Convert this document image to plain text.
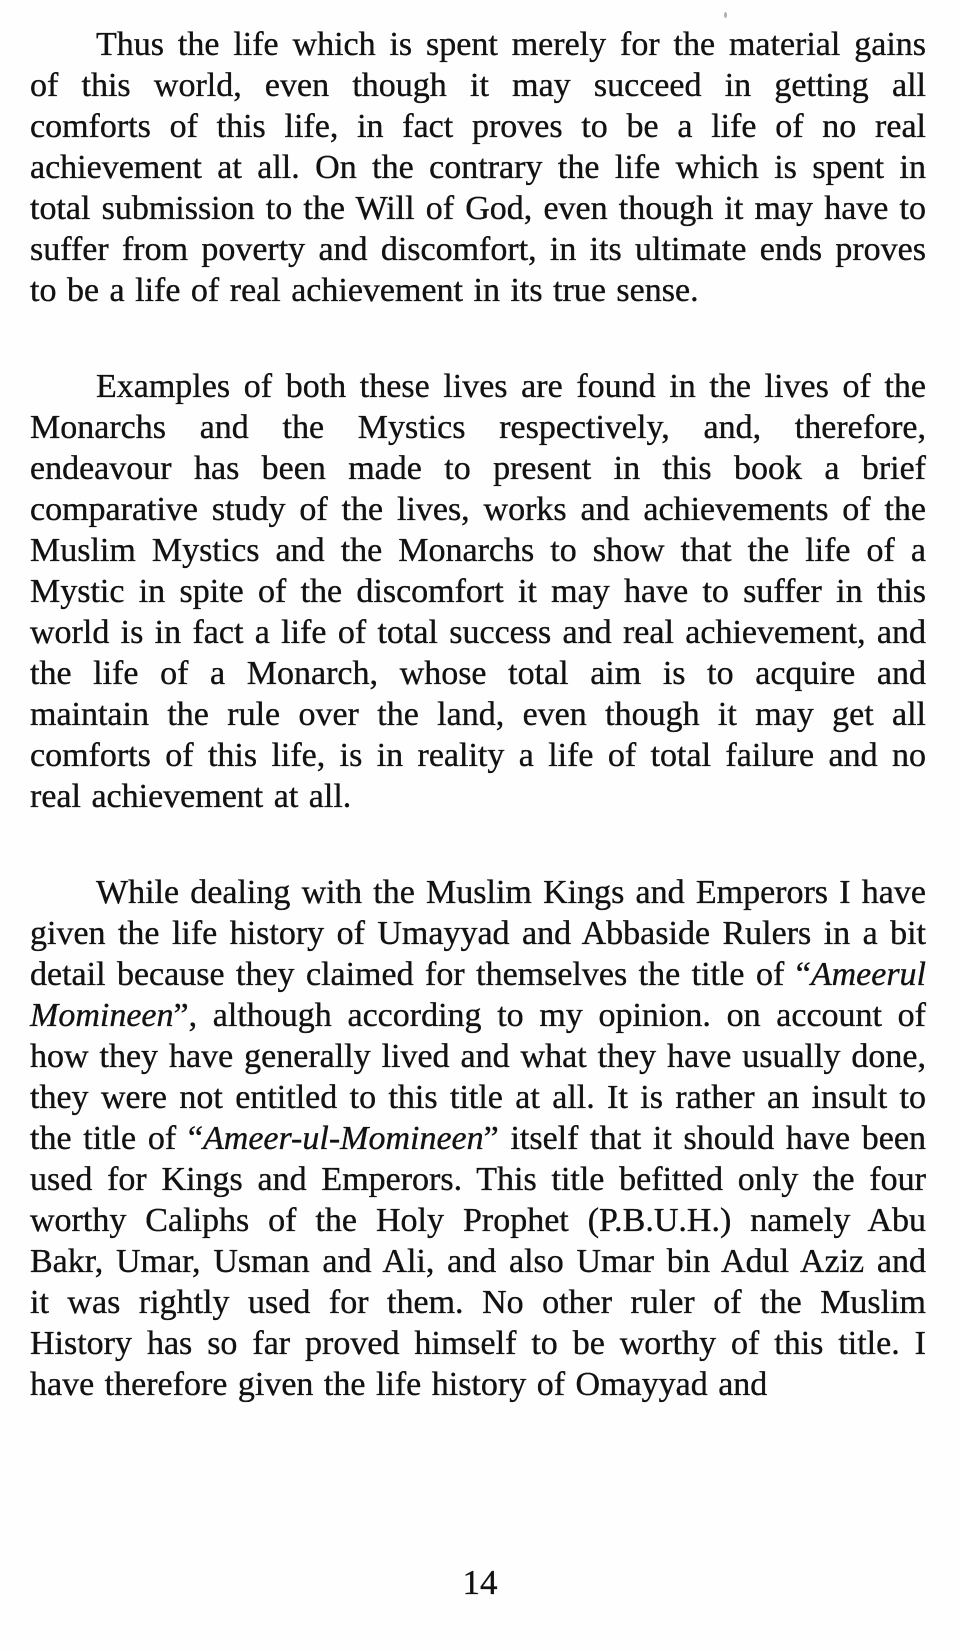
Thus the life which is spent merely for the material gains of this world, even though it may succeed in getting all comforts of this life, in fact proves to be a life of no real achievement at all. On the contrary the life which is spent in total submission to the Will of God, even though it may have to suffer from poverty and discomfort, in its ultimate ends proves to be a life of real achievement in its true sense.

Examples of both these lives are found in the lives of the Monarchs and the Mystics respectively, and, therefore, endeavour has been made to present in this book a brief comparative study of the lives, works and achievements of the Muslim Mystics and the Monarchs to show that the life of a Mystic in spite of the discomfort it may have to suffer in this world is in fact a life of total success and real achievement, and the life of a Monarch, whose total aim is to acquire and maintain the rule over the land, even though it may get all comforts of this life, is in reality a life of total failure and no real achievement at all.

While dealing with the Muslim Kings and Emperors I have given the life history of Umayyad and Abbaside Rulers in a bit detail because they claimed for themselves the title of “Ameerul Momineen”, although according to my opinion. on account of how they have generally lived and what they have usually done, they were not entitled to this title at all. It is rather an insult to the title of “Ameer-ul-Momineen” itself that it should have been used for Kings and Emperors. This title befitted only the four worthy Caliphs of the Holy Prophet (P.B.U.H.) namely Abu Bakr, Umar, Usman and Ali, and also Umar bin Adul Aziz and it was rightly used for them. No other ruler of the Muslim History has so far proved himself to be worthy of this title. I have therefore given the life history of Omayyad and

14
